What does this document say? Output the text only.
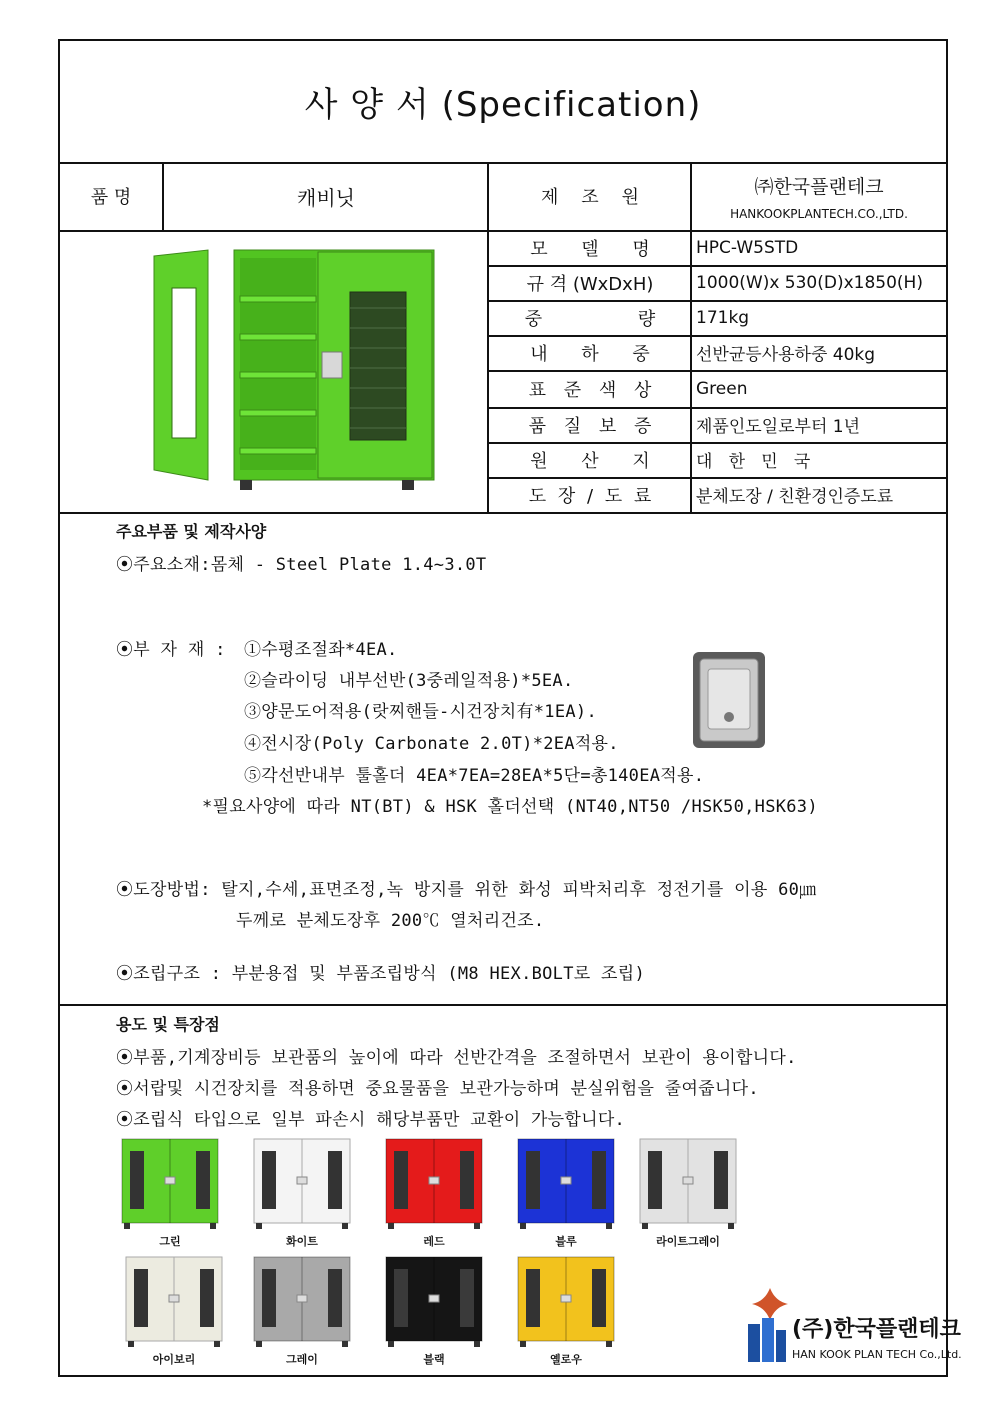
사 양 서 (Specification)
품 명	캐비닛	제    조    원	㈜한국플랜테크
HANKOOKPLANTECH.CO.,LTD.
모 델 명	HPC-W5STD
규 격 (WxDxH)	1000(W)x 530(D)x1850(H)
중 량	171kg
내 하 중	선반균등사용하중 40kg
표 준 색 상	Green
품 질 보 증	제품인도일로부터 1년
원 산 지	대   한   민   국
도 장 / 도 료	분체도장 / 친환경인증도료
주요부품 및 제작사양
⦿주요소재:몸체 - Steel Plate 1.4~3.0T
⦿부 자 재 : ①수평조절좌*4EA.
②슬라이딩 내부선반(3중레일적용)*5EA.
③양문도어적용(랏찌핸들-시건장치有*1EA).
④전시장(Poly Carbonate 2.0T)*2EA적용.
⑤각선반내부 툴홀더 4EA*7EA=28EA*5단=총140EA적용.
*필요사양에 따라 NT(BT) & HSK 홀더선택 (NT40,NT50 /HSK50,HSK63)
⦿도장방법: 탈지,수세,표면조정,녹 방지를 위한 화성 피박처리후 정전기를 이용 60㎛
두께로 분체도장후 200℃ 열처리건조.
⦿조립구조 : 부분용접 및 부품조립방식 (M8 HEX.BOLT로 조립)
용도 및 특장점
⦿부품,기계장비등 보관품의 높이에 따라 선반간격을 조절하면서 보관이 용이합니다.
⦿서랍및 시건장치를 적용하면 중요물품을 보관가능하며 분실위험을 줄여줍니다.
⦿조립식 타입으로 일부 파손시 해당부품만 교환이 가능합니다.
그린	화이트	레드	블루	라이트그레이
아이보리	그레이	블랙	옐로우
(주)한국플랜테크
HAN KOOK PLAN TECH Co.,Ltd.
